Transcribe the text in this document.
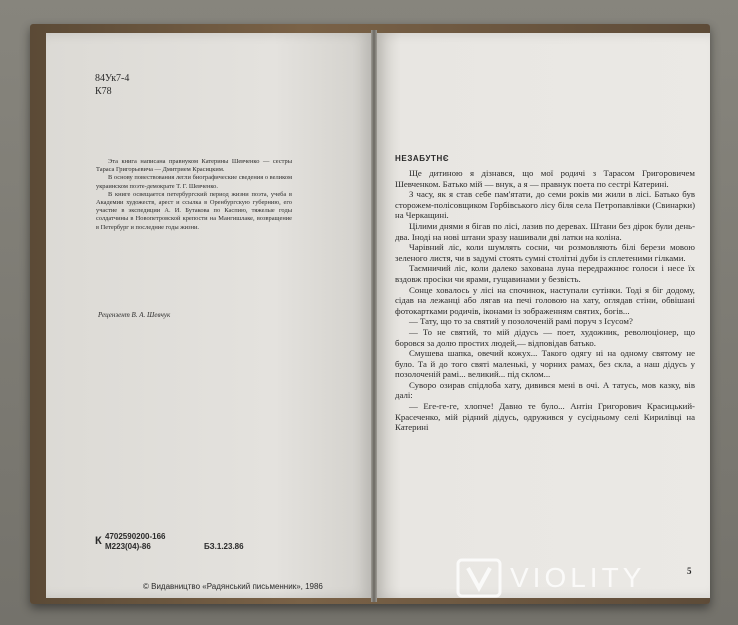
84Ук7-4
К78

Эта книга написана правнуком Катерины Шевченко — сестры Тараса Григорьевича — Дмитрием Красицким.

В основу повествования легли биографические сведения о великом украинском поэте-демократе Т. Г. Шевченко.

В книге освещается петербургский период жизни поэта, учеба в Академии художеств, арест и ссылка в Оренбургскую губернию, его участие в экспедиции А. И. Бутакова по Каспию, тяжелые годы солдатчины в Новопетровской крепости на Мангишлаке, возвращение в Петербург и последние годы жизни.

Рецензент В. А. Шевчук
К 4702590200-166
М223(04)-86	БЗ.1.23.86
© Видавництво «Радянський письменник», 1986
НЕЗАБУТНЄ

Ще дитиною я дізнався, що мої родичі з Тарасом Григоровичем Шевченком. Батько мій — внук, а я — правнук поета по сестрі Катерині.

З часу, як я став себе пам'ятати, до семи років ми жили в лісі. Батько був сторожем-полісовщиком Горбівського лісу біля села Петропавлівки (Свинарки) на Черкащині.

Цілими днями я бігав по лісі, лазив по деревах. Штани без дірок були день-два. Іноді на нові штани зразу нашивали дві латки на коліна.

Чарівний ліс, коли шумлять сосни, чи розмовляють білі берези мовою зеленого листя, чи в задумі стоять сумні столітні дуби із сплетеними гілками.

Таємничий ліс, коли далеко захована луна передражнює голоси і несе їх вздовж просіки чи ярами, гущавинами у безвість.

Сонце ховалось у лісі на спочинок, наступали сутінки. Тоді я біг додому, сідав на лежанці або лягав на печі головою на хату, оглядав стіни, обвішані фотокартками родичів, іконами із зображенням святих, богів...

— Тату, що то за святий у позолоченій рамі поруч з Ісусом?

— То не святий, то мій дідусь — поет, художник, революціонер, що боровся за долю простих людей,— відповідав батько.

Смушева шапка, овечий кожух... Такого одягу ні на одному святому не було. Та й до того святі маленькі, у чорних рамах, без скла, а наш дідусь у позолоченій рамі... великий... під склом...

Суворо озирав спідлоба хату, дивився мені в очі. А татусь, мов казку, вів далі:

— Еге-ге-ге, хлопче! Давно те було... Антін Григорович Красицький-Красеченко, мій рідний дідусь, одружився у сусідньому селі Кирилівці на Катерині

5
VIOLITY
